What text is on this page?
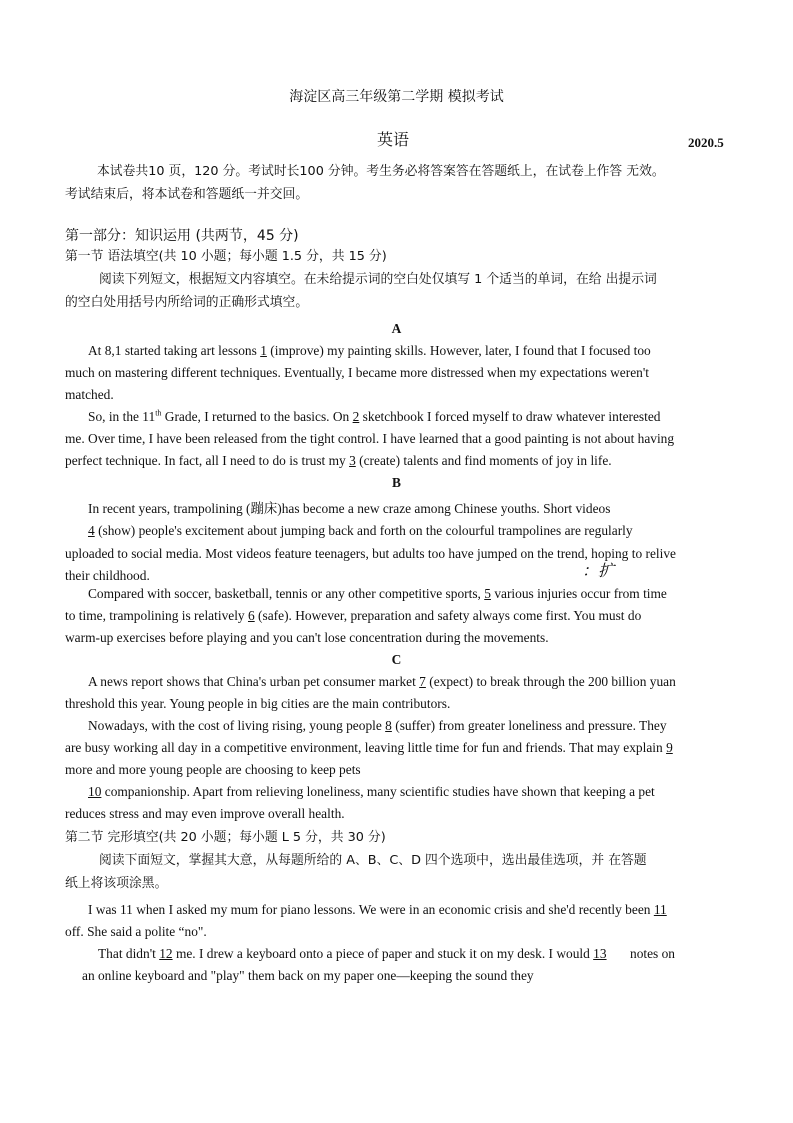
海淀区高三年级第二学期 模拟考试
英语	2020.5
本试卷共10 页，120 分。考试时长100 分钟。考生务必将答案答在答题纸上，在试卷上作答 无效。
考试结束后，将本试卷和答题纸一并交回。
第一部分：知识运用 (共两节，45 分)
第一节 语法填空(共 10 小题；每小题 1.5 分，共 15 分)
阅读下列短文，根据短文内容填空。在未给提示词的空白处仅填写 1 个适当的单词，在给 出提示词
的空白处用括号内所给词的正确形式填空。
A
At 8,1 started taking art lessons 1 (improve) my painting skills. However, later, I found that I focused too
much on mastering different techniques. Eventually, I became more distressed when my expectations weren't
matched.
So, in the 11th Grade, I returned to the basics. On 2 sketchbook I forced myself to draw whatever interested
me. Over time, I have been released from the tight control. I have learned that a good painting is not about having
perfect technique. In fact, all I need to do is trust my 3 (create) talents and find moments of joy in life.
B
In recent years, trampolining (蹦床)has become a new craze among Chinese youths. Short videos
4 (show) people's excitement about jumping back and forth on the colourful trampolines are regularly
uploaded to social media. Most videos feature teenagers, but adults too have jumped on the trend, hoping to relive
their childhood.	：扩
Compared with soccer, basketball, tennis or any other competitive sports, 5 various injuries occur from time
to time, trampolining is relatively 6 (safe). However, preparation and safety always come first. You must do
warm-up exercises before playing and you can't lose concentration during the movements.
C
A news report shows that China's urban pet consumer market 7 (expect) to break through the 200 billion yuan
threshold this year. Young people in big cities are the main contributors.
Nowadays, with the cost of living rising, young people 8 (suffer) from greater loneliness and pressure. They
are busy working all day in a competitive environment, leaving little time for fun and friends. That may explain 9
more and more young people are choosing to keep pets
10 companionship. Apart from relieving loneliness, many scientific studies have shown that keeping a pet
reduces stress and may even improve overall health.
第二节 完形填空(共 20 小题；每小题 L 5 分，共 30 分)
阅读下面短文，掌握其大意，从每题所给的 A、B、C、D 四个选项中，选出最佳选项，并 在答题
纸上将该项涂黑。
I was 11 when I asked my mum for piano lessons. We were in an economic crisis and she'd recently been 11
off. She said a polite “no".
That didn't 12 me. I drew a keyboard onto a piece of paper and stuck it on my desk. I would 13 notes on
an online keyboard and "play" them back on my paper one—keeping the sound they
